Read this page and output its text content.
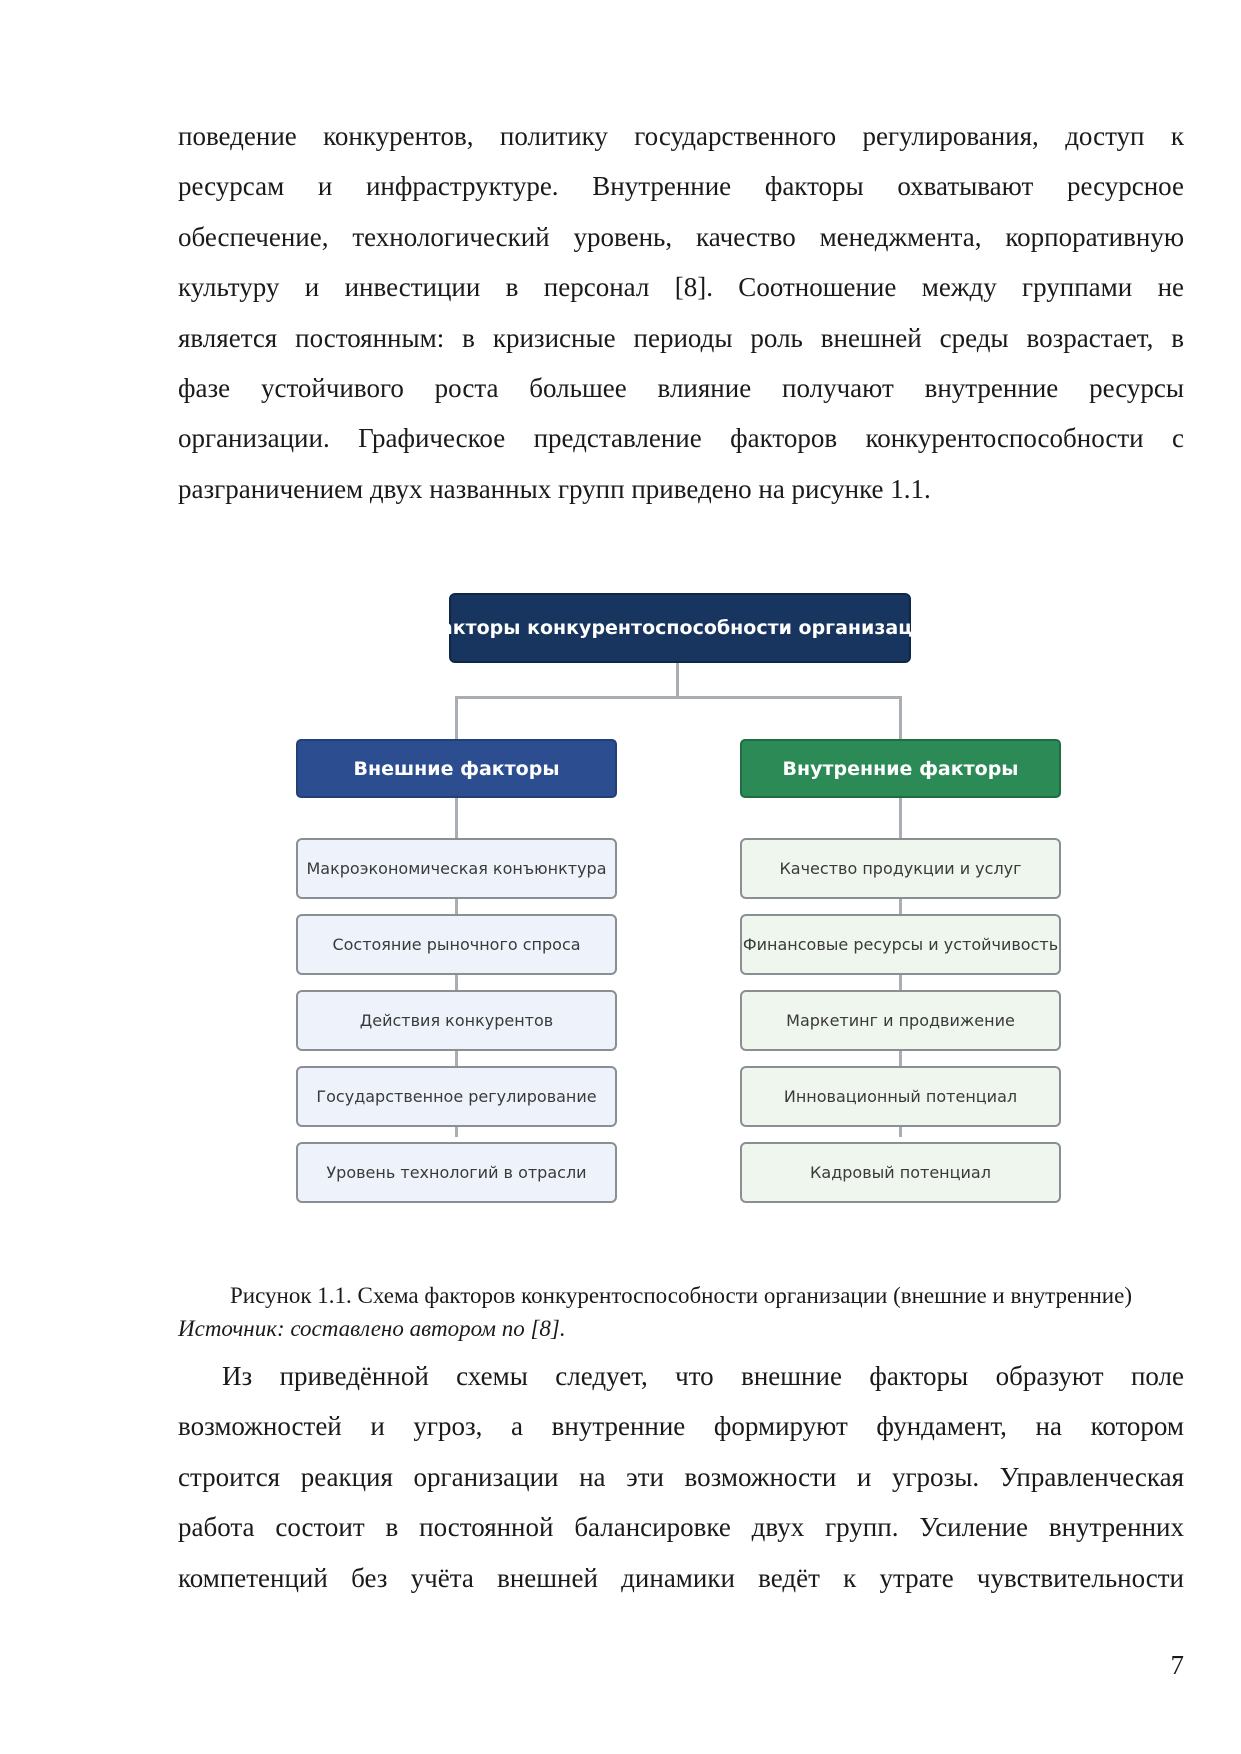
поведение конкурентов, политику государственного регулирования, доступ к
ресурсам и инфраструктуре. Внутренние факторы охватывают ресурсное
обеспечение, технологический уровень, качество менеджмента, корпоративную
культуру и инвестиции в персонал [8]. Соотношение между группами не
является постоянным: в кризисные периоды роль внешней среды возрастает, в
фазе устойчивого роста большее влияние получают внутренние ресурсы
организации. Графическое представление факторов конкурентоспособности с
разграничением двух названных групп приведено на рисунке 1.1.

Факторы конкурентоспособности организации
Внешние факторы	Внутренние факторы
Макроэкономическая конъюнктура
Состояние рыночного спроса
Действия конкурентов
Государственное регулирование
Уровень технологий в отрасли
Качество продукции и услуг
Финансовые ресурсы и устойчивость
Маркетинг и продвижение
Инновационный потенциал
Кадровый потенциал

Рисунок 1.1. Схема факторов конкурентоспособности организации (внешние и внутренние)

Источник: составлено автором по [8].

Из приведённой схемы следует, что внешние факторы образуют поле
возможностей и угроз, а внутренние формируют фундамент, на котором
строится реакция организации на эти возможности и угрозы. Управленческая
работа состоит в постоянной балансировке двух групп. Усиление внутренних
компетенций без учёта внешней динамики ведёт к утрате чувствительности

7
